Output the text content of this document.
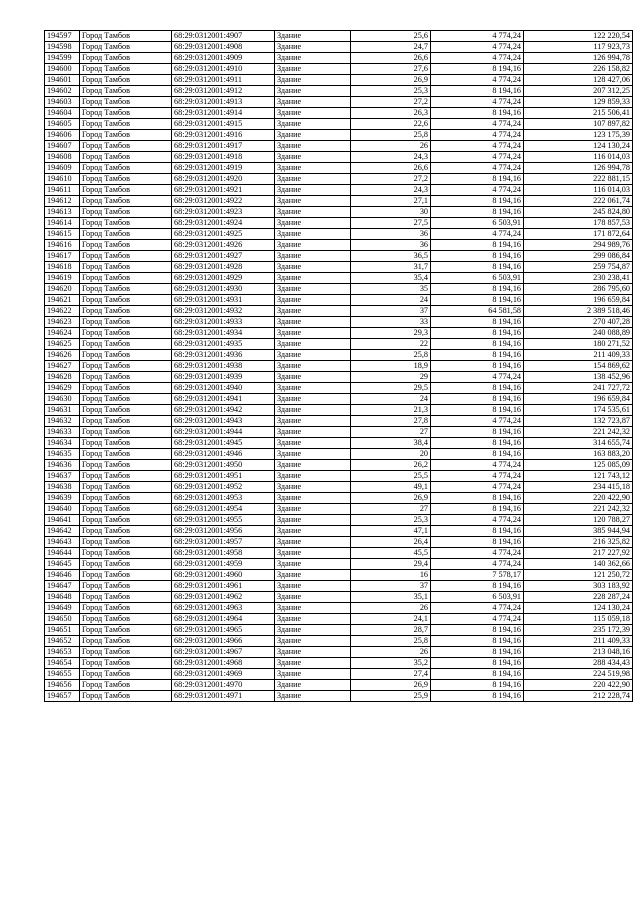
194597	Город Тамбов	68:29:0312001:4907	Здание	25,6	4 774,24	122 220,54
194598	Город Тамбов	68:29:0312001:4908	Здание	24,7	4 774,24	117 923,73
194599	Город Тамбов	68:29:0312001:4909	Здание	26,6	4 774,24	126 994,78
194600	Город Тамбов	68:29:0312001:4910	Здание	27,6	8 194,16	226 158,82
194601	Город Тамбов	68:29:0312001:4911	Здание	26,9	4 774,24	128 427,06
194602	Город Тамбов	68:29:0312001:4912	Здание	25,3	8 194,16	207 312,25
194603	Город Тамбов	68:29:0312001:4913	Здание	27,2	4 774,24	129 859,33
194604	Город Тамбов	68:29:0312001:4914	Здание	26,3	8 194,16	215 506,41
194605	Город Тамбов	68:29:0312001:4915	Здание	22,6	4 774,24	107 897,82
194606	Город Тамбов	68:29:0312001:4916	Здание	25,8	4 774,24	123 175,39
194607	Город Тамбов	68:29:0312001:4917	Здание	26	4 774,24	124 130,24
194608	Город Тамбов	68:29:0312001:4918	Здание	24,3	4 774,24	116 014,03
194609	Город Тамбов	68:29:0312001:4919	Здание	26,6	4 774,24	126 994,78
194610	Город Тамбов	68:29:0312001:4920	Здание	27,2	8 194,16	222 881,15
194611	Город Тамбов	68:29:0312001:4921	Здание	24,3	4 774,24	116 014,03
194612	Город Тамбов	68:29:0312001:4922	Здание	27,1	8 194,16	222 061,74
194613	Город Тамбов	68:29:0312001:4923	Здание	30	8 194,16	245 824,80
194614	Город Тамбов	68:29:0312001:4924	Здание	27,5	6 503,91	178 857,53
194615	Город Тамбов	68:29:0312001:4925	Здание	36	4 774,24	171 872,64
194616	Город Тамбов	68:29:0312001:4926	Здание	36	8 194,16	294 989,76
194617	Город Тамбов	68:29:0312001:4927	Здание	36,5	8 194,16	299 086,84
194618	Город Тамбов	68:29:0312001:4928	Здание	31,7	8 194,16	259 754,87
194619	Город Тамбов	68:29:0312001:4929	Здание	35,4	6 503,91	230 238,41
194620	Город Тамбов	68:29:0312001:4930	Здание	35	8 194,16	286 795,60
194621	Город Тамбов	68:29:0312001:4931	Здание	24	8 194,16	196 659,84
194622	Город Тамбов	68:29:0312001:4932	Здание	37	64 581,58	2 389 518,46
194623	Город Тамбов	68:29:0312001:4933	Здание	33	8 194,16	270 407,28
194624	Город Тамбов	68:29:0312001:4934	Здание	29,3	8 194,16	240 088,89
194625	Город Тамбов	68:29:0312001:4935	Здание	22	8 194,16	180 271,52
194626	Город Тамбов	68:29:0312001:4936	Здание	25,8	8 194,16	211 409,33
194627	Город Тамбов	68:29:0312001:4938	Здание	18,9	8 194,16	154 869,62
194628	Город Тамбов	68:29:0312001:4939	Здание	29	4 774,24	138 452,96
194629	Город Тамбов	68:29:0312001:4940	Здание	29,5	8 194,16	241 727,72
194630	Город Тамбов	68:29:0312001:4941	Здание	24	8 194,16	196 659,84
194631	Город Тамбов	68:29:0312001:4942	Здание	21,3	8 194,16	174 535,61
194632	Город Тамбов	68:29:0312001:4943	Здание	27,8	4 774,24	132 723,87
194633	Город Тамбов	68:29:0312001:4944	Здание	27	8 194,16	221 242,32
194634	Город Тамбов	68:29:0312001:4945	Здание	38,4	8 194,16	314 655,74
194635	Город Тамбов	68:29:0312001:4946	Здание	20	8 194,16	163 883,20
194636	Город Тамбов	68:29:0312001:4950	Здание	26,2	4 774,24	125 085,09
194637	Город Тамбов	68:29:0312001:4951	Здание	25,5	4 774,24	121 743,12
194638	Город Тамбов	68:29:0312001:4952	Здание	49,1	4 774,24	234 415,18
194639	Город Тамбов	68:29:0312001:4953	Здание	26,9	8 194,16	220 422,90
194640	Город Тамбов	68:29:0312001:4954	Здание	27	8 194,16	221 242,32
194641	Город Тамбов	68:29:0312001:4955	Здание	25,3	4 774,24	120 788,27
194642	Город Тамбов	68:29:0312001:4956	Здание	47,1	8 194,16	385 944,94
194643	Город Тамбов	68:29:0312001:4957	Здание	26,4	8 194,16	216 325,82
194644	Город Тамбов	68:29:0312001:4958	Здание	45,5	4 774,24	217 227,92
194645	Город Тамбов	68:29:0312001:4959	Здание	29,4	4 774,24	140 362,66
194646	Город Тамбов	68:29:0312001:4960	Здание	16	7 578,17	121 250,72
194647	Город Тамбов	68:29:0312001:4961	Здание	37	8 194,16	303 183,92
194648	Город Тамбов	68:29:0312001:4962	Здание	35,1	6 503,91	228 287,24
194649	Город Тамбов	68:29:0312001:4963	Здание	26	4 774,24	124 130,24
194650	Город Тамбов	68:29:0312001:4964	Здание	24,1	4 774,24	115 059,18
194651	Город Тамбов	68:29:0312001:4965	Здание	28,7	8 194,16	235 172,39
194652	Город Тамбов	68:29:0312001:4966	Здание	25,8	8 194,16	211 409,33
194653	Город Тамбов	68:29:0312001:4967	Здание	26	8 194,16	213 048,16
194654	Город Тамбов	68:29:0312001:4968	Здание	35,2	8 194,16	288 434,43
194655	Город Тамбов	68:29:0312001:4969	Здание	27,4	8 194,16	224 519,98
194656	Город Тамбов	68:29:0312001:4970	Здание	26,9	8 194,16	220 422,90
194657	Город Тамбов	68:29:0312001:4971	Здание	25,9	8 194,16	212 228,74
